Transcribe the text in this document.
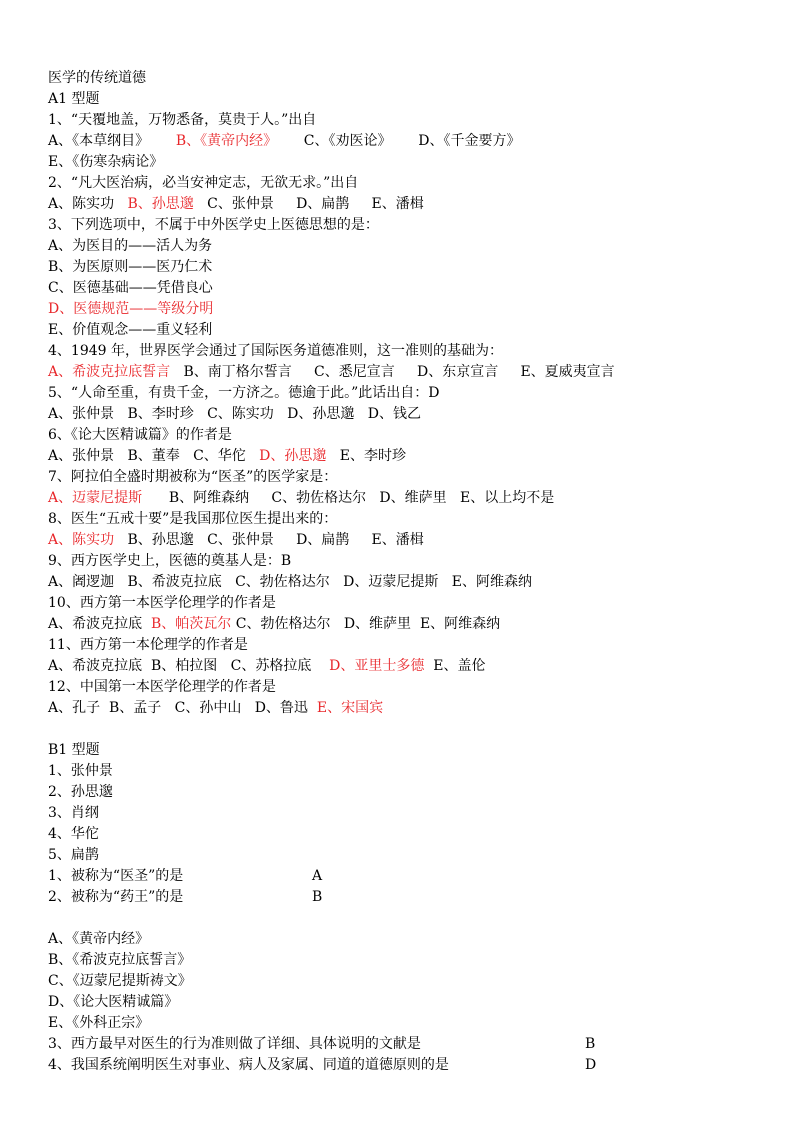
医学的传统道德
A1 型题
1、“天覆地盖，万物悉备，莫贵于人。”出自
A、《本草纲目》      B、《黄帝内经》      C、《劝医论》      D、《千金要方》
E、《伤寒杂病论》
2、“凡大医治病，必当安神定志，无欲无求。”出自
A、陈实功   B、孙思邈   C、张仲景     D、扁鹊     E、潘楫
3、下列选项中，不属于中外医学史上医德思想的是：
A、为医目的——活人为务
B、为医原则——医乃仁术
C、医德基础——凭借良心
D、医德规范——等级分明
E、价值观念——重义轻利
4、1949 年，世界医学会通过了国际医务道德准则，这一准则的基础为：
A、希波克拉底誓言   B、南丁格尔誓言     C、悉尼宣言     D、东京宣言     E、夏威夷宣言
5、“人命至重，有贵千金，一方济之。德逾于此。”此话出自：D
A、张仲景   B、李时珍   C、陈实功   D、孙思邈   D、钱乙
6、《论大医精诚篇》的作者是
A、张仲景   B、董奉   C、华佗   D、孙思邈   E、李时珍
7、阿拉伯全盛时期被称为“医圣”的医学家是：
A、迈蒙尼提斯      B、阿维森纳     C、勃佐格达尔   D、维萨里   E、以上均不是
8、医生“五戒十要”是我国那位医生提出来的：
A、陈实功   B、孙思邈   C、张仲景     D、扁鹊     E、潘楫
9、西方医学史上，医德的奠基人是：B
A、阇逻迦   B、希波克拉底   C、勃佐格达尔   D、迈蒙尼提斯   E、阿维森纳
10、西方第一本医学伦理学的作者是
A、希波克拉底  B、帕茨瓦尔 C、勃佐格达尔   D、维萨里  E、阿维森纳
11、西方第一本伦理学的作者是
A、希波克拉底  B、柏拉图   C、苏格拉底    D、亚里士多德  E、盖伦
12、中国第一本医学伦理学的作者是
A、孔子  B、孟子   C、孙中山   D、鲁迅  E、宋国宾
B1 型题
1、张仲景
2、孙思邈
3、肖纲
4、华佗
5、扁鹊
1、被称为“医圣”的是	A
2、被称为“药王”的是	B
A、《黄帝内经》
B、《希波克拉底誓言》
C、《迈蒙尼提斯祷文》
D、《论大医精诚篇》
E、《外科正宗》
3、西方最早对医生的行为准则做了详细、具体说明的文献是	B
4、我国系统阐明医生对事业、病人及家属、同道的道德原则的是	D
